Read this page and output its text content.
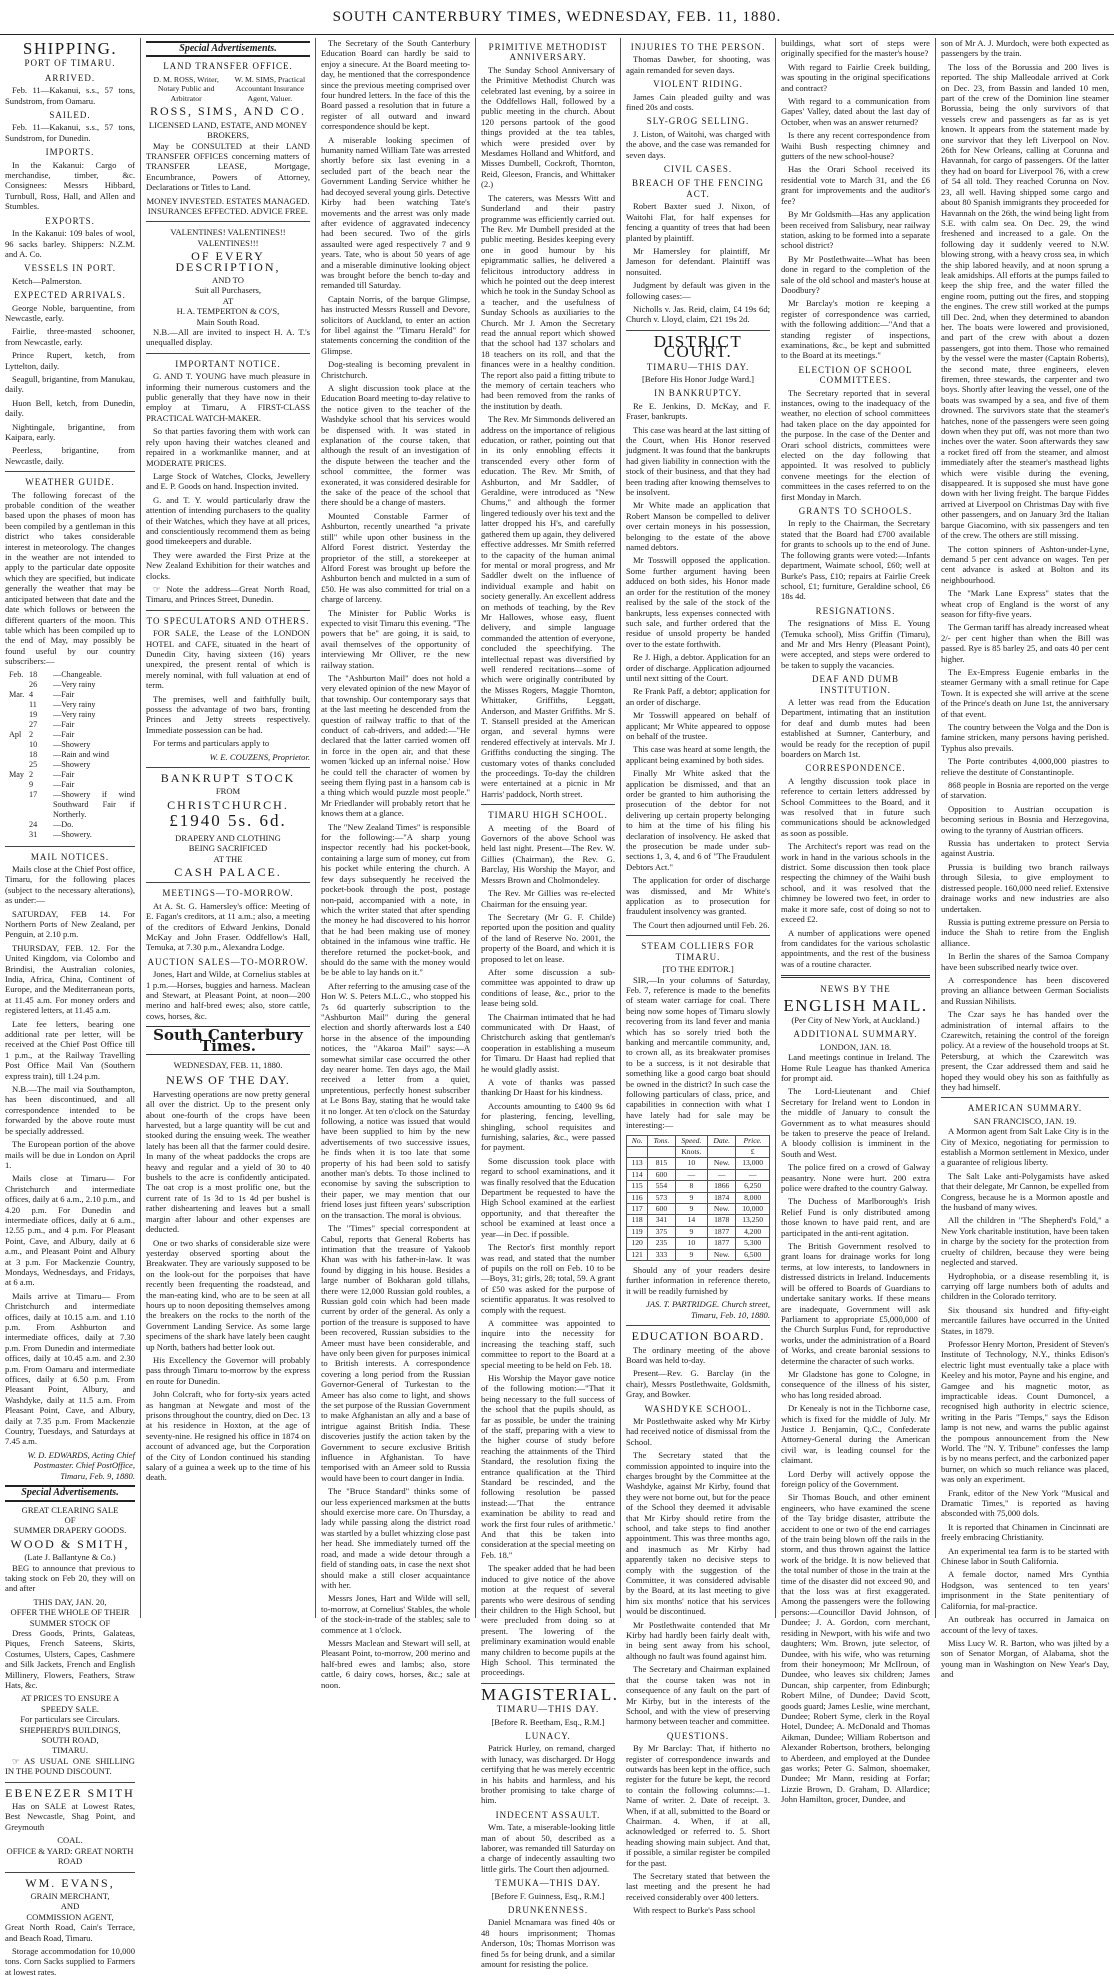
SOUTH CANTERBURY TIMES, WEDNESDAY, FEB. 11, 1880.
SHIPPING.
PORT OF TIMARU.
ARRIVED.

Feb. 11—Kakanui, s.s., 57 tons, Sundstrom, from Oamaru.

SAILED.

Feb. 11—Kakanui, s.s., 57 tons, Sundstrom, for Dunedin.

IMPORTS.

In the Kakanui: Cargo of merchandise, timber, &c. Consignees: Messrs Hibbard, Turnbull, Ross, Hall, and Allen and Stumbles.

EXPORTS.

In the Kakanui: 109 bales of wool, 96 sacks barley. Shippers: N.Z.M. and A. Co.

VESSELS IN PORT.

Ketch—Palmerston.

EXPECTED ARRIVALS.

George Noble, barquentine, from Newcastle, early.

Fairlie, three-masted schooner, from Newcastle, early.

Prince Rupert, ketch, from Lyttelton, daily.

Seagull, brigantine, from Manukau, daily.

Huon Bell, ketch, from Dunedin, daily.

Nightingale, brigantine, from Kaipara, early.

Peerless, brigantine, from Newcastle, daily.

WEATHER GUIDE.

The following forecast of the probable condition of the weather based upon the phases of moon has been compiled by a gentleman in this district who takes considerable interest in meteorology. The changes in the weather are not intended to apply to the particular date opposite which they are specified, but indicate generally the weather that may be anticipated between that date and the date which follows or between the different quarters of the moon. This table which has been compiled up to the end of May, may possibly be found useful by our country subscribers:—

Feb. 18	—Changeable.
26	—Very rainy
Mar. 4	—Fair
11	—Very rainy
19	—Very rainy
27	—Fair
Apl 2	—Fair
10	—Showery
18	—Rain and wind
25	—Showery
May 2	—Fair
9	—Fair
17	—Showery if wind Southward Fair if Northerly.
24	—Do.
31	—Showery.
MAIL NOTICES.

Mails close at the Chief Post office, Timaru, for the following places (subject to the necessary alterations), as under:—

SATURDAY, FEB 14. For Northern Ports of New Zealand, per Penguin, at 2.10 p.m.

THURSDAY, FEB. 12. For the United Kingdom, via Colombo and Brindisi, the Australian colonies, India, Africa, China, Continent of Europe, and the Mediterranean ports, at 11.45 a.m. For money orders and registered letters, at 11.45 a.m.

Late fee letters, bearing one additional rate per letter, will be received at the Chief Post Office till 1 p.m., at the Railway Travelling Post Office Mail Van (Southern express train), till 1.24 p.m.

N.B.—The mail via Southampton, has been discontinued, and all correspondence intended to be forwarded by the above route must be specially addressed.

The European portion of the above mails will be due in London on April 1.

Mails close at Timaru— For Christchurch and intermediate offices, daily at 6 a.m., 2.10 p.m., and 4.20 p.m. For Dunedin and intermediate offices, daily at 6 a.m., 12.55 p.m., and 4 p.m. For Pleasant Point, Cave, and Albury, daily at 6 a.m., and Pleasant Point and Albury at 3 p.m. For Mackenzie Country, Mondays, Wednesdays, and Fridays, at 6 a.m.

Mails arrive at Timaru— From Christchurch and intermediate offices, daily at 10.15 a.m. and 1.10 p.m. From Ashburton and intermediate offices, daily at 7.30 p.m. From Dunedin and intermediate offices, daily at 10.45 a.m. and 2.30 p.m. From Oamaru and intermediate offices, daily at 6.50 p.m. From Pleasant Point, Albury, and Washdyke, daily at 11.5 a.m. From Pleasant Point, Cave, and Albury, daily at 7.35 p.m. From Mackenzie Country, Tuesdays, and Saturdays at 7.45 a.m.

W. D. EDWARDS, Acting Chief Postmaster. Chief PostOffice, Timaru, Feb. 9, 1880.
Special Advertisements.
GREAT CLEARING SALE
OF
SUMMER DRAPERY GOODS.
WOOD & SMITH,
(Late J. Ballantyne & Co.)

BEG to announce that previous to taking stock on Feb 20, they will on and after

THIS DAY, JAN. 20,
OFFER THE WHOLE OF THEIR SUMMER STOCK OF

Dress Goods, Prints, Galateas, Piques, French Sateens, Skirts, Costumes, Ulsters, Capes, Cashmere and Silk Jackets, French and English Millinery, Flowers, Feathers, Straw Hats, &c.

AT PRICES TO ENSURE A SPEEDY SALE.
For particulars see Circulars.
SHEPHERD'S BUILDINGS,
SOUTH ROAD,
TIMARU.

☞ AS USUAL ONE SHILLING IN THE POUND DISCOUNT.

EBENEZER SMITH

Has on SALE at Lowest Rates, Best Newcastle, Shag Point, and Greymouth

COAL.
OFFICE & YARD: GREAT NORTH ROAD
WM. EVANS,
GRAIN MERCHANT,
AND
COMMISSION AGENT,

Great North Road, Cain's Terrace, and Beach Road, Timaru.

Storage accommodation for 10,000 tons. Corn Sacks supplied to Farmers at lowest rates.

Special Advertisements.
LAND TRANSFER OFFICE.
D. M. ROSS, Writer, Notary Public and Arbitrator
W. M. SIMS, Practical Accountant Insurance Agent, Valuer.
ROSS, SIMS, AND CO.
LICENSED LAND, ESTATE, AND MONEY BROKERS,

May be CONSULTED at their LAND TRANSFER OFFICES concerning matters of TRANSFER LEASE, Mortgage, Encumbrance, Powers of Attorney, Declarations or Titles to Land.

MONEY INVESTED. ESTATES MANAGED. INSURANCES EFFECTED. ADVICE FREE.

VALENTINES! VALENTINES!!
VALENTINES!!!
OF EVERY DESCRIPTION,
AND TO
Suit all Purchasers,
AT
H. A. TEMPERTON & CO'S,
Main South Road.

N.B.—All are invited to inspect H. A. T.'s unequalled display.

IMPORTANT NOTICE.

G. AND T. YOUNG have much pleasure in informing their numerous customers and the public generally that they have now in their employ at Timaru, A FIRST-CLASS PRACTICAL WATCH-MAKER.

So that parties favoring them with work can rely upon having their watches cleaned and repaired in a workmanlike manner, and at MODERATE PRICES.

Large Stock of Watches, Clocks, Jewellery and E. P. Goods on hand. Inspection invited.

G. and T. Y. would particularly draw the attention of intending purchasers to the quality of their Watches, which they have at all prices, and conscientiously recommend them as being good timekeepers and durable.

They were awarded the First Prize at the New Zealand Exhibition for their watches and clocks.

☞ Note the address—Great North Road, Timaru, and Princes Street, Dunedin.

TO SPECULATORS AND OTHERS.

FOR SALE, the Lease of the LONDON HOTEL and CAFE, situated in the heart of Dunedin City, having sixteen (16) years unexpired, the present rental of which is merely nominal, with full valuation at end of term.

The premises, well and faithfully built, possess the advantage of two bars, fronting Princes and Jetty streets respectively. Immediate possession can be had.

For terms and particulars apply to

W. E. COUZENS, Proprietor.
BANKRUPT STOCK
FROM
CHRISTCHURCH.
£1940 5s. 6d.
DRAPERY AND CLOTHING
BEING SACRIFICED
AT THE
CASH PALACE.
MEETINGS—TO-MORROW.

At A. St. G. Hamersley's office: Meeting of E. Fagan's creditors, at 11 a.m.; also, a meeting of the creditors of Edward Jenkins, Donald McKay and John Fraser. Oddfellow's Hall, Temuka, at 7.30 p.m., Alexandra Lodge.

AUCTION SALES—TO-MORROW.

Jones, Hart and Wilde, at Cornelius stables at 1 p.m.—Horses, buggies and harness. Maclean and Stewart, at Pleasant Point, at noon—200 merino and half-bred ewes; also, store cattle, cows, horses, &c.

South Canterbury Times.
WEDNESDAY, FEB. 11, 1880.
NEWS OF THE DAY.

Harvesting operations are now pretty general all over the district. Up to the present only about one-fourth of the crops have been harvested, but a large quantity will be cut and stooked during the ensuing week. The weather lately has been all that the farmer could desire. In many of the wheat paddocks the crops are heavy and regular and a yield of 30 to 40 bushels to the acre is confidently anticipated. The oat crop is a most prolific one, but the current rate of 1s 3d to 1s 4d per bushel is rather disheartening and leaves but a small margin after labour and other expenses are deducted.

One or two sharks of considerable size were yesterday observed sporting about the Breakwater. They are variously supposed to be on the look-out for the porpoises that have recently been frequenting the roadstead, and the man-eating kind, who are to be seen at all hours up to noon depositing themselves among the breakers on the rocks to the north of the Government Landing Service. As some large specimens of the shark have lately been caught up North, bathers had better look out.

His Excellency the Governor will probably pass through Timaru to-morrow by the express en route for Dunedin.

John Colcraft, who for forty-six years acted as hangman at Newgate and most of the prisons throughout the country, died on Dec. 13 at his residence in Hoxton, at the age of seventy-nine. He resigned his office in 1874 on account of advanced age, but the Corporation of the City of London continued his standing salary of a guinea a week up to the time of his death.

The Secretary of the South Canterbury Education Board can hardly be said to enjoy a sinecure. At the Board meeting to-day, he mentioned that the correspondence since the previous meeting comprised over four hundred letters. In the face of this the Board passed a resolution that in future a register of all outward and inward correspondence should be kept.

A miserable looking specimen of humanity named William Tate was arrested shortly before six last evening in a secluded part of the beach near the Government Landing Service whither he had decoyed several young girls. Detective Kirby had been watching Tate's movements and the arrest was only made after evidence of aggravated indecency had been secured. Two of the girls assaulted were aged respectively 7 and 9 years. Tate, who is about 50 years of age and a miserable diminutive looking object was brought before the bench to-day and remanded till Saturday.

Captain Norris, of the barque Glimpse, has instructed Messrs Russell and Devore, solicitors of Auckland, to enter an action for libel against the "Timaru Herald" for statements concerning the condition of the Glimpse.

Dog-stealing is becoming prevalent in Christchurch.

A slight discussion took place at the Education Board meeting to-day relative to the notice given to the teacher of the Washdyke school that his services would be dispensed with. It was stated in explanation of the course taken, that although the result of an investigation of the dispute between the teacher and the school committee, the former was exonerated, it was considered desirable for the sake of the peace of the school that there should be a change of masters.

Mounted Constable Farmer of Ashburton, recently unearthed "a private still" while upon other business in the Alford Forest district. Yesterday the proprietor of the still, a storekeeper at Alford Forest was brought up before the Ashburton bench and mulcted in a sum of £50. He was also committed for trial on a charge of larceny.

The Minister for Public Works is expected to visit Timaru this evening. "The powers that be" are going, it is said, to avail themselves of the opportunity of interviewing Mr Olliver, re the new railway station.

The "Ashburton Mail" does not hold a very elevated opinion of the new Mayor of that township. Our contemporary says that at the last meeting he descended from the question of railway traffic to that of the conduct of cab-drivers, and added:—"He declared that the latter carried women off in force in the open air, and that these women 'kicked up an infernal noise.' How he could tell the character of women by seeing them flying past in a hansom cab is a thing which would puzzle most people." Mr Friedlander will probably retort that he knows them at a glance.

The "New Zealand Times" is responsible for the following:—"A sharp young inspector recently had his pocket-book, containing a large sum of money, cut from his pocket while entering the church. A few days subsequently he received the pocket-book through the post, postage non-paid, accompanied with a note, in which the writer stated that after spending the money he had discovered to his horror that he had been making use of money obtained in the infamous wine traffic. He therefore returned the pocket-book, and should do the same with the money would be be able to lay hands on it."

After referring to the amusing case of the Hon W. S. Peters M.L.C., who stopped his 7s 6d quarterly subscription to the "Ashburton Mail" during the general election and shortly afterwards lost a £40 horse in the absence of the impounding notices, the "Akaroa Mail" says:—A somewhat similar case occurred the other day nearer home. Ten days ago, the Mail received a letter from a quiet, unpretentious, perfectly honest subscriber at Le Bons Bay, stating that he would take it no longer. At ten o'clock on the Saturday following, a notice was issued that would have been supplied to him by the new advertisements of two successive issues, he finds when it is too late that some property of his had been sold to satisfy another man's debts. To those inclined to economise by saving the subscription to their paper, we may mention that our friend loses just fifteen years' subscription on the transaction. The moral is obvious.

The "Times" special correspondent at Cabul, reports that General Roberts has intimation that the treasure of Yakoob Khan was with his father-in-law. It was found by digging in his house. Besides a large number of Bokharan gold tillahs, there were 12,000 Russian gold roubles, a Russian gold coin which had been made current by order of the general. As only a portion of the treasure is supposed to have been recovered, Russian subsidies to the Ameer must have been considerable, and have only been given for purposes inimical to British interests. A correspondence covering a long period from the Russian Governor-General of Turkestan to the Ameer has also come to light, and shows the set purpose of the Russian Government to make Afghanistan an ally and a base of intrigue against British India. These discoveries justify the action taken by the Government to secure exclusive British influence in Afghanistan. To have temporised with an Ameer sold to Russia would have been to court danger in India.

The "Bruce Standard" thinks some of our less experienced marksmen at the butts should exercise more care. On Thursday, a lady while passing along the district road was startled by a bullet whizzing close past her head. She immediately turned off the road, and made a wide detour through a field of standing oats, in case the next shot should make a still closer acquaintance with her.

Messrs Jones, Hart and Wilde will sell, to-morrow, at Cornelius' Stables, the whole of the stock-in-trade of the stables; sale to commence at 1 o'clock.

Messrs Maclean and Stewart will sell, at Pleasant Point, to-morrow, 200 merino and half-bred ewes and lambs; also, store cattle, 6 dairy cows, horses, &c.; sale at noon.

PRIMITIVE METHODIST ANNIVERSARY.

The Sunday School Anniversary of the Primitive Methodist Church was celebrated last evening, by a soiree in the Oddfellows Hall, followed by a public meeting in the church. About 120 persons partook of the good things provided at the tea tables, which were presided over by Mesdames Holland and Whitford, and Misses Dumbell, Cockroft, Thornton, Reid, Gleeson, Francis, and Whittaker (2.)

The caterers, was Messrs Witt and Sunderland and their pastry programme was efficiently carried out. The Rev. Mr Dumbell presided at the public meeting. Besides keeping every one in good humour by his epigrammatic sallies, he delivered a felicitous introductory address in which he pointed out the deep interest which he took in the Sunday School as a teacher, and the usefulness of Sunday Schools as auxiliaries to the Church. Mr J. Amon the Secretary read the annual report which showed that the school had 137 scholars and 18 teachers on its roll, and that the finances were in a healthy condition. The report also paid a fitting tribute to the memory of certain teachers who had been removed from the ranks of the institution by death.

The Rev. Mr Simmonds delivered an address on the importance of religious education, or rather, pointing out that in its only ennobling effects it transcended every other form of education. The Rev. Mr Smith, of Ashburton, and Mr Saddler, of Geraldine, were introduced as "New Chums," and although the former lingered tediously over his text and the latter dropped his H's, and carefully gathered them up again, they delivered effective addresses. Mr Smith referred to the capacity of the human animal for mental or moral progress, and Mr Saddler dwelt on the influence of individual example and habit on society generally. An excellent address on methods of teaching, by the Rev Mr Hallowes, whose easy, fluent delivery, and simple language commanded the attention of everyone, concluded the speechifying. The intellectual repast was diversified by well rendered recitations—some of which were originally contributed by the Misses Rogers, Maggie Thornton, Whittaker, Griffiths, Leggatt, Anderson, and Master Griffiths. Mr S. T. Stansell presided at the American organ, and several hymns were rendered effectively at intervals. Mr J. Griffiths conducting the singing. The customary votes of thanks concluded the proceedings. To-day the children were entertained at a picnic in Mr Harris' paddock, North street.

TIMARU HIGH SCHOOL.

A meeting of the Board of Governors of the above School was held last night. Present—The Rev. W. Gillies (Chairman), the Rev. G. Barclay, His Worship the Mayor, and Messrs Brown and Cholmondeley.

The Rev. Mr Gillies was re-elected Chairman for the ensuing year.

The Secretary (Mr G. F. Childe) reported upon the position and quality of the land of Reserve No. 2001, the property of the Board, and which it is proposed to let on lease.

After some discussion a sub-committee was appointed to draw up conditions of lease, &c., prior to the lease being sold.

The Chairman intimated that he had communicated with Dr Haast, of Christchurch asking that gentleman's cooperation in establishing a museum for Timaru. Dr Haast had replied that he would gladly assist.

A vote of thanks was passed thanking Dr Haast for his kindness.

Accounts amounting to £400 9s 6d for plastering, fencing, levelling, shingling, school requisites and furnishing, salaries, &c., were passed for payment.

Some discussion took place with regard to school examinations, and it was finally resolved that the Education Department be requested to have the High School examined at the earliest opportunity, and that thereafter the school be examined at least once a year—in Dec. if possible.

The Rector's first monthly report was read, and stated that the number of pupils on the roll on Feb. 10 to be—Boys, 31; girls, 28; total, 59. A grant of £50 was asked for the purpose of scientific apparatus. It was resolved to comply with the request.

A committee was appointed to inquire into the necessity for increasing the teaching staff, such committee to report to the Board at a special meeting to be held on Feb. 18.

His Worship the Mayor gave notice of the following motion:—"That it being necessary to the full success of the school that the pupils should, as far as possible, be under the training of the staff, preparing with a view to the higher course of study before reaching the attainments of the Third Standard, the resolution fixing the entrance qualification at the Third Standard be rescinded, and the following resolution be passed instead:—'That the entrance examination be ability to read and work the first four rules of arithmetic.' And that this be taken into consideration at the special meeting on Feb. 18."

The speaker added that he had been induced to give notice of the above motion at the request of several parents who were desirous of sending their children to the High School, but were precluded from doing so at present. The lowering of the preliminary examination would enable many children to become pupils at the High School. This terminated the proceedings.

MAGISTERIAL.
TIMARU—THIS DAY.
[Before R. Beetham, Esq., R.M.]
LUNACY.

Patrick Hurley, on remand, charged with lunacy, was discharged. Dr Hogg certifying that he was merely eccentric in his habits and harmless, and his brother promising to take charge of him.

INDECENT ASSAULT.

Wm. Tate, a miserable-looking little man of about 50, described as a laborer, was remanded till Saturday on a charge of indecently assaulting two little girls. The Court then adjourned.

TEMUKA—THIS DAY.
[Before F. Guinness, Esq., R.M.]
DRUNKENNESS.

Daniel Mcnamara was fined 40s or 48 hours imprisonment; Thomas Anderson, 10s; Thomas Morrison was fined 5s for being drunk, and a similar amount for resisting the police.

INJURIES TO THE PERSON.

Thomas Dawber, for shooting, was again remanded for seven days.

VIOLENT RIDING.

James Cain pleaded guilty and was fined 20s and costs.

SLY-GROG SELLING.

J. Liston, of Waitohi, was charged with the above, and the case was remanded for seven days.

CIVIL CASES.
BREACH OF THE FENCING ACT.

Robert Baxter sued J. Nixon, of Waitohi Flat, for half expenses for fencing a quantity of trees that had been planted by plaintiff.

Mr Hamersley for plaintiff, Mr Jameson for defendant. Plaintiff was nonsuited.

Judgment by default was given in the following cases:—

Nicholls v. Jas. Reid, claim, £4 19s 6d; Church v. Lloyd, claim, £21 19s 2d.

DISTRICT COURT.
TIMARU—THIS DAY.
[Before His Honor Judge Ward.]
IN BANKRUPTCY.

Re E. Jenkins, D. McKay, and F. Fraser, bankrupts.

This case was heard at the last sitting of the Court, when His Honor reserved judgment. It was found that the bankrupts had given liability in connection with the stock of their business, and that they had been trading after knowing themselves to be insolvent.

Mr White made an application that Robert Manson be compelled to deliver over certain moneys in his possession, belonging to the estate of the above named debtors.

Mr Tosswill opposed the application. Some further argument having been adduced on both sides, his Honor made an order for the restitution of the money realised by the sale of the stock of the bankrupts, less expenses connected with such sale, and further ordered that the residue of unsold property be handed over to the estate forthwith.

Re J. High, a debtor. Application for an order of discharge. Application adjourned until next sitting of the Court.

Re Frank Paff, a debtor; application for an order of discharge.

Mr Tosswill appeared on behalf of applicant; Mr White appeared to oppose on behalf of the trustee.

This case was heard at some length, the applicant being examined by both sides.

Finally Mr White asked that the application be dismissed, and that an order be granted to him authorising the prosecution of the debtor for not delivering up certain property belonging to him at the time of his filing his declaration of insolvency. He asked that the prosecution be made under sub-sections 1, 3, 4, and 6 of "The Fraudulent Debtors Act."

The application for order of discharge was dismissed, and Mr White's application as to prosecution for fraudulent insolvency was granted.

The Court then adjourned until Feb. 26.

STEAM COLLIERS FOR TIMARU.
[TO THE EDITOR.]

SIR,—In your columns of Saturday, Feb. 7, reference is made to the benefits of steam water carriage for coal. There being now some hopes of Timaru slowly recovering from its land fever and mania which has so sorely tried both the banking and mercantile community, and, to crown all, as its breakwater promises to be a success, is it not desirable that something like a good cargo boat should be owned in the district? In such case the following particulars of class, price, and capabilities in connection with what I have lately had for sale may be interesting:—

No.	Tons.	Speed.	Date.	Price.
		Knots.		£
113	815	10	New.	13,000
114	600	—	—	—
115	554	8	1866	6,250
116	573	9	1874	8,000
117	600	9	New.	10,000
118	341	14	1878	13,250
119	375	9	1877	4,200
120	235	10	1877	5,300
121	333	9	New.	6,500

Should any of your readers desire further information in reference thereto, it will be readily furnished by

JAS. T. PARTRIDGE. Church street, Timaru, Feb. 10, 1880.
EDUCATION BOARD.

The ordinary meeting of the above Board was held to-day.

Present—Rev. G. Barclay (in the chair), Messrs Postlethwaite, Goldsmith, Gray, and Bowker.

WASHDYKE SCHOOL.

Mr Postlethwaite asked why Mr Kirby had received notice of dismissal from the School.

The Secretary stated that the commission appointed to inquire into the charges brought by the Committee at the Washdyke, against Mr Kirby, found that they were not borne out, but for the peace of the School they deemed it advisable that Mr Kirby should retire from the school, and take steps to find another appointment. This was three months ago, and inasmuch as Mr Kirby had apparently taken no decisive steps to comply with the suggestion of the Committee, it was considered advisable by the Board, at its last meeting to give him six months' notice that his services would be discontinued.

Mr Postlethwaite contended that Mr Kirby had hardly been fairly dealt with, in being sent away from his school, although no fault was found against him.

The Secretary and Chairman explained that the course taken was not in consequence of any fault on the part of Mr Kirby, but in the interests of the School, and with the view of preserving harmony between teacher and committee.

QUESTIONS.

By Mr Barclay: That, if hitherto no register of correspondence inwards and outwards has been kept in the office, such register for the future be kept, the record to contain the following columns:—1. Name of writer. 2. Date of receipt. 3. When, if at all, submitted to the Board or Chairman. 4. When, if at all, acknowledged or referred to. 5. Short heading showing main subject. And that, if possible, a similar register be compiled for the past.

The Secretary stated that between the last meeting and the present he had received considerably over 400 letters.

With respect to Burke's Pass school

buildings, what sort of steps were originally specified for the master's house?

With regard to Fairlie Creek building, was spouting in the original specifications and contract?

With regard to a communication from Gapes' Valley, dated about the last day of October, when was an answer returned?

Is there any recent correspondence from Waihi Bush respecting chimney and gutters of the new school-house?

Has the Orari School received its residential vote to March 31, and the £6 grant for improvements and the auditor's fee?

By Mr Goldsmith—Has any application been received from Salisbury, near railway station, asking to be formed into a separate school district?

By Mr Postlethwaite—What has been done in regard to the completion of the sale of the old school and master's house at Doodbury?

Mr Barclay's motion re keeping a register of correspondence was carried, with the following addition:—"And that a standing register of inspections, examinations, &c., be kept and submitted to the Board at its meetings."

ELECTION OF SCHOOL COMMITTEES.

The Secretary reported that in several instances, owing to the inadequacy of the weather, no election of school committees had taken place on the day appointed for the purpose. In the case of the Denter and Orari school districts, committees were elected on the day following that appointed. It was resolved to publicly convene meetings for the election of committees in the cases referred to on the first Monday in March.

GRANTS TO SCHOOLS.

In reply to the Chairman, the Secretary stated that the Board had £700 available for grants to schools up to the end of June. The following grants were voted:—Infants department, Waimate school, £60; well at Burke's Pass, £10; repairs at Fairlie Creek school, £1; furniture, Geraldine school, £6 18s 4d.

RESIGNATIONS.

The resignations of Miss E. Young (Temuka school), Miss Griffin (Timaru), and Mr and Mrs Henry (Pleasant Point), were accepted, and steps were ordered to be taken to supply the vacancies.

DEAF AND DUMB INSTITUTION.

A letter was read from the Education Department, intimating that an institution for deaf and dumb mutes had been established at Sumner, Canterbury, and would be ready for the reception of pupil boarders on March 1st.

CORRESPONDENCE.

A lengthy discussion took place in reference to certain letters addressed by School Committees to the Board, and it was resolved that in future such communications should be acknowledged as soon as possible.

The Architect's report was read on the work in hand in the various schools in the district. Some discussion then took place respecting the chimney of the Waihi bush school, and it was resolved that the chimney be lowered two feet, in order to make it more safe, cost of doing so not to exceed £2.

A number of applications were opened from candidates for the various scholastic appointments, and the rest of the business was of a routine character.

NEWS BY THE
ENGLISH MAIL.
(Per City of New York, at Auckland.)
ADDITIONAL SUMMARY.
LONDON, JAN. 18.

Land meetings continue in Ireland. The Home Rule League has thanked America for prompt aid.

The Lord-Lieutenant and Chief Secretary for Ireland went to London in the middle of January to consult the Government as to what measures should be taken to preserve the peace of Ireland. A bloody collision is imminent in the South and West.

The police fired on a crowd of Galway peasantry. None were hurt. 200 extra police were drafted to the country Galway.

The Duchess of Marlborough's Irish Relief Fund is only distributed among those known to have paid rent, and are participated in the anti-rent agitation.

The British Government resolved to grant loans for drainage works for long terms, at low interests, to landowners in distressed districts in Ireland. Inducements will be offered to Boards of Guardians to undertake sanitary works. If these means are inadequate, Government will ask Parliament to appropriate £5,000,000 of the Church Surplus Fund, for reproductive works, under the administration of a Board of Works, and create baronial sessions to determine the character of such works.

Mr Gladstone has gone to Cologne, in consequence of the illness of his sister, who has long resided abroad.

Dr Kenealy is not in the Tichborne case, which is fixed for the middle of July. Mr Justice J. Benjamin, Q.C., Confederate Attorney-General during the American civil war, is leading counsel for the claimant.

Lord Derby will actively oppose the foreign policy of the Government.

Sir Thomas Bouch, and other eminent engineers, who have examined the scene of the Tay bridge disaster, attribute the accident to one or two of the end carriages of the train being blown off the rails in the storm, and thus thrown against the lattice work of the bridge. It is now believed that the total number of those in the train at the time of the disaster did not exceed 90, and that the loss was at first exaggerated. Among the passengers were the following persons:—Councillor David Johnson, of Dundee; J. A. Gordon, corn merchant, residing in Newport, with his wife and two daughters; Wm. Brown, jute selector, of Dundee, with his wife, who was returning from their honeymoon; Mr McIlroun, of Dundee, who leaves six children; James Duncan, ship carpenter, from Edinburgh; Robert Milne, of Dundee; David Scott, goods guard; James Leslie, wine merchant, Dundee; Robert Syme, clerk in the Royal Hotel, Dundee; A. McDonald and Thomas Aikman, Dundee; William Robertson and Alexander Robertson, brothers, belonging to Aberdeen, and employed at the Dundee gas works; Peter G. Salmon, shoemaker, Dundee; Mr Mann, residing at Forfar; Lizzie Brown, D. Graham, D. Allardice; John Hamilton, grocer, Dundee, and

son of Mr A. J. Murdoch, were both expected as passengers by the train.

The loss of the Borussia and 200 lives is reported. The ship Malleodale arrived at Cork on Dec. 23, from Bassin and landed 10 men, part of the crew of the Dominion line steamer Borussia, being the only survivors of that vessels crew and passengers as far as is yet known. It appears from the statement made by one survivor that they left Liverpool on Nov. 26th for New Orleans, calling at Corunna and Havannah, for cargo of passengers. Of the latter they had on board for Liverpool 76, with a crew of 54 all told. They reached Corunna on Nov. 23, all well. Having shipped some cargo and about 80 Spanish immigrants they proceeded for Havannah on the 26th, the wind being light from S.E. with calm sea. On Dec. 29, the wind freshened and increased to a gale. On the following day it suddenly veered to N.W. blowing strong, with a heavy cross sea, in which the ship labored heavily, and at noon sprung a leak amidships. All efforts at the pumps failed to keep the ship free, and the water filled the engine room, putting out the fires, and stopping the engines. The crew still worked at the pumps till Dec. 2nd, when they determined to abandon her. The boats were lowered and provisioned, and part of the crew with about a dozen passengers, got into them. Those who remained by the vessel were the master (Captain Roberts), the second mate, three engineers, eleven firemen, three stewards, the carpenter and two boys. Shortly after leaving the vessel, one of the boats was swamped by a sea, and five of them drowned. The survivors state that the steamer's hatches, none of the passengers were seen going down when they put off, was not more than two inches over the water. Soon afterwards they saw a rocket fired off from the steamer, and almost immediately after the steamer's masthead lights which were visible during the evening, disappeared. It is supposed she must have gone down with her living freight. The barque Fiddes arrived at Liverpool on Christmas Day with five other passengers, and on January 3rd the Italian barque Giacomino, with six passengers and ten of the crew. The others are still missing.

The cotton spinners of Ashton-under-Lyne, demand 5 per cent advance on wages. Ten per cent advance is asked at Bolton and its neighbourhood.

The "Mark Lane Express" states that the wheat crop of England is the worst of any season for fifty-five years.

The German tariff has already increased wheat 2/- per cent higher than when the Bill was passed. Rye is 85 barley 25, and oats 40 per cent higher.

The Ex-Empress Eugenie embarks in the steamer Germany with a small retinue for Cape Town. It is expected she will arrive at the scene of the Prince's death on June 1st, the anniversary of that event.

The country between the Volga and the Don is famine stricken, many persons having perished. Typhus also prevails.

The Porte contributes 4,000,000 piastres to relieve the destitute of Constantinople.

868 people in Bosnia are reported on the verge of starvation.

Opposition to Austrian occupation is becoming serious in Bosnia and Herzegovina, owing to the tyranny of Austrian officers.

Russia has undertaken to protect Servia against Austria.

Prussia is building two branch railways through Silesia, to give employment to distressed people. 160,000 need relief. Extensive drainage works and new industries are also undertaken.

Russia is putting extreme pressure on Persia to induce the Shah to retire from the English alliance.

In Berlin the shares of the Samoa Company have been subscribed nearly twice over.

A correspondence has been discovered proving an alliance between German Socialists and Russian Nihilists.

The Czar says he has handed over the administration of internal affairs to the Czarewitch, retaining the control of the foreign policy. At a review of the household troops at St. Petersburg, at which the Czarewitch was present, the Czar addressed them and said he hoped they would obey his son as faithfully as they had himself.

AMERICAN SUMMARY.
SAN FRANCISCO, JAN. 19.

A Mormon agent from Salt Lake City is in the City of Mexico, negotiating for permission to establish a Mormon settlement in Mexico, under a guarantee of religious liberty.

The Salt Lake anti-Polygamists have asked that their delegate, Mr Cannon, be expelled from Congress, because he is a Mormon apostle and the husband of many wives.

All the children in "The Shepherd's Fold," a New York charitable institution, have been taken in charge by the society for the protection from cruelty of children, because they were being neglected and starved.

Hydrophobia, or a disease resembling it, is carrying off large numbers both of adults and children in the Colorado territory.

Six thousand six hundred and fifty-eight mercantile failures have occurred in the United States, in 1879.

Professor Henry Morton, President of Steven's Institute of Technology, N.Y., thinks Edison's electric light must eventually take a place with Keeley and his motor, Payne and his engine, and Gamgee and his magnetic motor, as impracticable ideas. Count Dumoncel, a recognised high authority in electric science, writing in the Paris "Temps," says the Edison lamp is not new, and warns the public against the pompous announcement from the New World. The "N. Y. Tribune" confesses the lamp is by no means perfect, and the carbonized paper burner, on which so much reliance was placed, was only an experiment.

Frank, editor of the New York "Musical and Dramatic Times," is reported as having absconded with 75,000 dols.

It is reported that Chinamen in Cincinnati are freely embracing Christianity.

An experimental tea farm is to be started with Chinese labor in South California.

A female doctor, named Mrs Cynthia Hodgson, was sentenced to ten years' imprisonment in the State penitentiary of California, for mal-practice.

An outbreak has occurred in Jamaica on account of the levy of taxes.

Miss Lucy W. R. Barton, who was jilted by a son of Senator Morgan, of Alabama, shot the young man in Washington on New Year's Day, and
